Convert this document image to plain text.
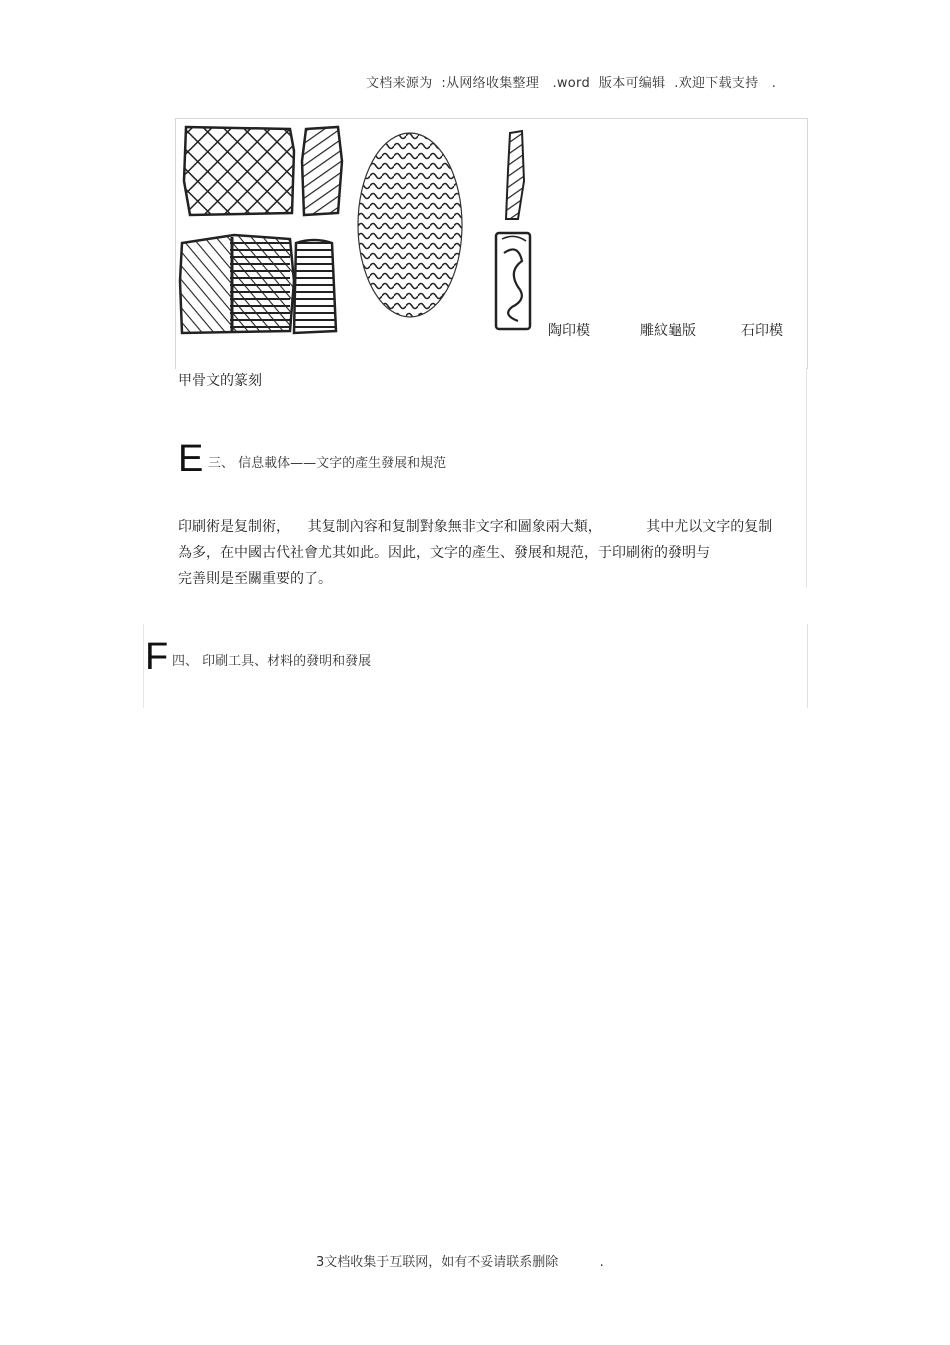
文档来源为  :从网络收集整理   .word  版本可编辑  .欢迎下载支持   .
陶印模	雕紋龜版	石印模
甲骨文的篆刻
E 三、 信息載体——文字的產生發展和規范
印刷術是复制術，    其复制內容和复制對象無非文字和圖象兩大類，          其中尤以文字的复制
為多，在中國古代社會尤其如此。因此，文字的產生、發展和規范，于印刷術的發明与
完善則是至關重要的了。
F 四、 印刷工具、材料的發明和發展
3文档收集于互联网，如有不妥请联系删除          .
